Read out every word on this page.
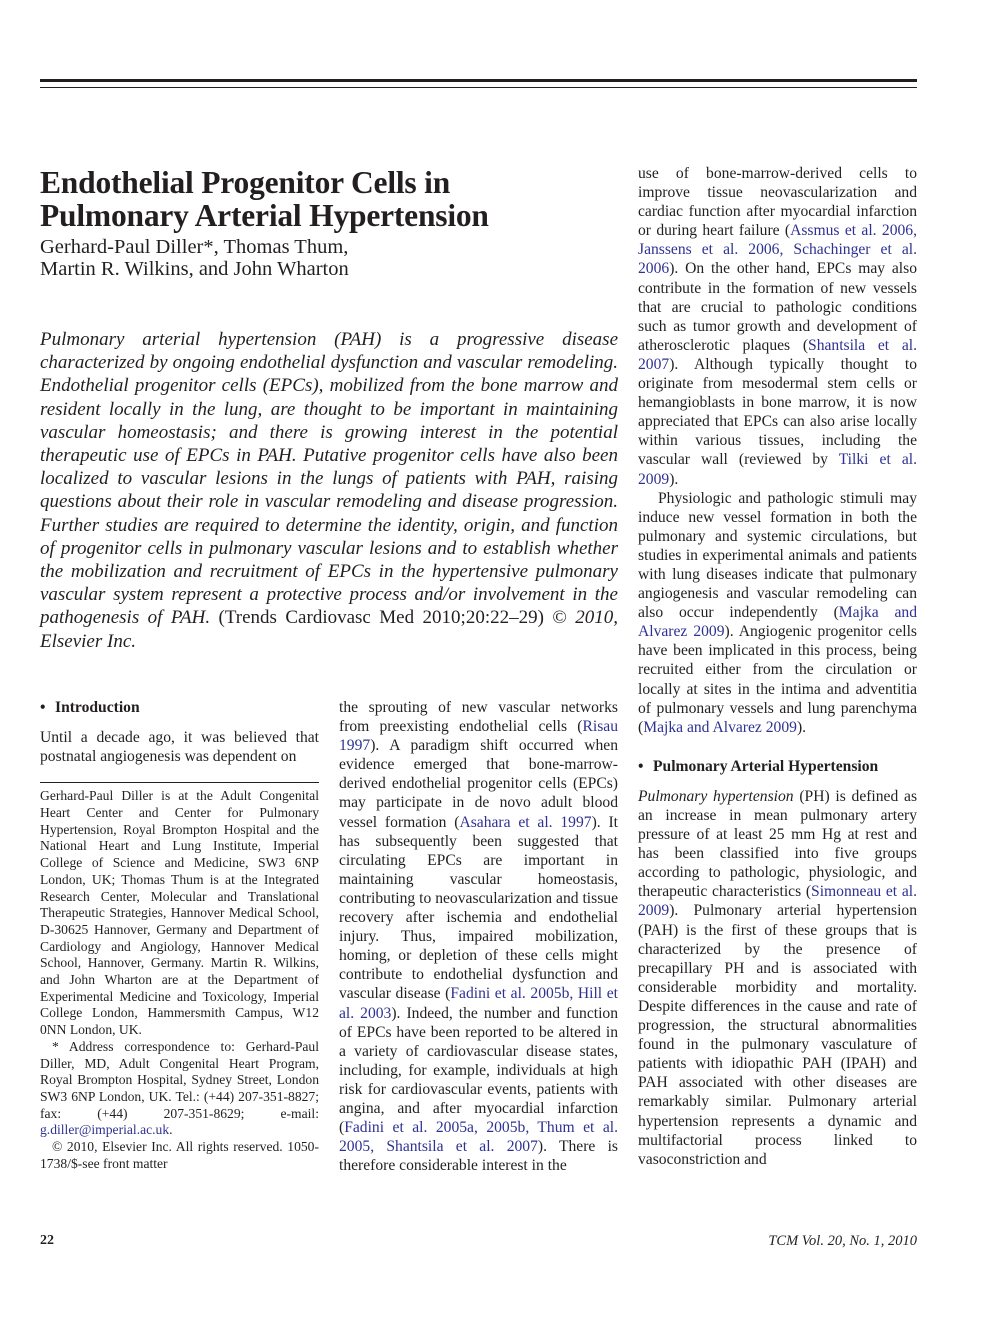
Endothelial Progenitor Cells in Pulmonary Arterial Hypertension
Gerhard-Paul Diller*, Thomas Thum,
Martin R. Wilkins, and John Wharton

Pulmonary arterial hypertension (PAH) is a progressive disease characterized by ongoing endothelial dysfunction and vascular remodeling. Endothelial progenitor cells (EPCs), mobilized from the bone marrow and resident locally in the lung, are thought to be important in maintaining vascular homeostasis; and there is growing interest in the potential therapeutic use of EPCs in PAH. Putative progenitor cells have also been localized to vascular lesions in the lungs of patients with PAH, raising questions about their role in vascular remodeling and disease progression. Further studies are required to determine the identity, origin, and function of progenitor cells in pulmonary vascular lesions and to establish whether the mobilization and recruitment of EPCs in the hypertensive pulmonary vascular system represent a protective process and/or involvement in the pathogenesis of PAH. (Trends Cardiovasc Med 2010;20:22–29) © 2010, Elsevier Inc.

• Introduction

Until a decade ago, it was believed that postnatal angiogenesis was dependent on

Gerhard-Paul Diller is at the Adult Congenital Heart Center and Center for Pulmonary Hypertension, Royal Brompton Hospital and the National Heart and Lung Institute, Imperial College of Science and Medicine, SW3 6NP London, UK; Thomas Thum is at the Integrated Research Center, Molecular and Translational Therapeutic Strategies, Hannover Medical School, D-30625 Hannover, Germany and Department of Cardiology and Angiology, Hannover Medical School, Hannover, Germany. Martin R. Wilkins, and John Wharton are at the Department of Experimental Medicine and Toxicology, Imperial College London, Hammersmith Campus, W12 0NN London, UK.

* Address correspondence to: Gerhard-Paul Diller, MD, Adult Congenital Heart Program, Royal Brompton Hospital, Sydney Street, London SW3 6NP London, UK. Tel.: (+44) 207-351-8827; fax: (+44) 207-351-8629; e-mail: g.diller@imperial.ac.uk.

© 2010, Elsevier Inc. All rights reserved. 1050-1738/$-see front matter

the sprouting of new vascular networks from preexisting endothelial cells (Risau 1997). A paradigm shift occurred when evidence emerged that bone-marrow-derived endothelial progenitor cells (EPCs) may participate in de novo adult blood vessel formation (Asahara et al. 1997). It has subsequently been suggested that circulating EPCs are important in maintaining vascular homeostasis, contributing to neovascularization and tissue recovery after ischemia and endothelial injury. Thus, impaired mobilization, homing, or depletion of these cells might contribute to endothelial dysfunction and vascular disease (Fadini et al. 2005b, Hill et al. 2003). Indeed, the number and function of EPCs have been reported to be altered in a variety of cardiovascular disease states, including, for example, individuals at high risk for cardiovascular events, patients with angina, and after myocardial infarction (Fadini et al. 2005a, 2005b, Thum et al. 2005, Shantsila et al. 2007). There is therefore considerable interest in the

use of bone-marrow-derived cells to improve tissue neovascularization and cardiac function after myocardial infarction or during heart failure (Assmus et al. 2006, Janssens et al. 2006, Schachinger et al. 2006). On the other hand, EPCs may also contribute in the formation of new vessels that are crucial to pathologic conditions such as tumor growth and development of atherosclerotic plaques (Shantsila et al. 2007). Although typically thought to originate from mesodermal stem cells or hemangioblasts in bone marrow, it is now appreciated that EPCs can also arise locally within various tissues, including the vascular wall (reviewed by Tilki et al. 2009).

Physiologic and pathologic stimuli may induce new vessel formation in both the pulmonary and systemic circulations, but studies in experimental animals and patients with lung diseases indicate that pulmonary angiogenesis and vascular remodeling can also occur independently (Majka and Alvarez 2009). Angiogenic progenitor cells have been implicated in this process, being recruited either from the circulation or locally at sites in the intima and adventitia of pulmonary vessels and lung parenchyma (Majka and Alvarez 2009).

• Pulmonary Arterial Hypertension

Pulmonary hypertension (PH) is defined as an increase in mean pulmonary artery pressure of at least 25 mm Hg at rest and has been classified into five groups according to pathologic, physiologic, and therapeutic characteristics (Simonneau et al. 2009). Pulmonary arterial hypertension (PAH) is the first of these groups that is characterized by the presence of precapillary PH and is associated with considerable morbidity and mortality. Despite differences in the cause and rate of progression, the structural abnormalities found in the pulmonary vasculature of patients with idiopathic PAH (IPAH) and PAH associated with other diseases are remarkably similar. Pulmonary arterial hypertension represents a dynamic and multifactorial process linked to vasoconstriction and

22	TCM Vol. 20, No. 1, 2010
